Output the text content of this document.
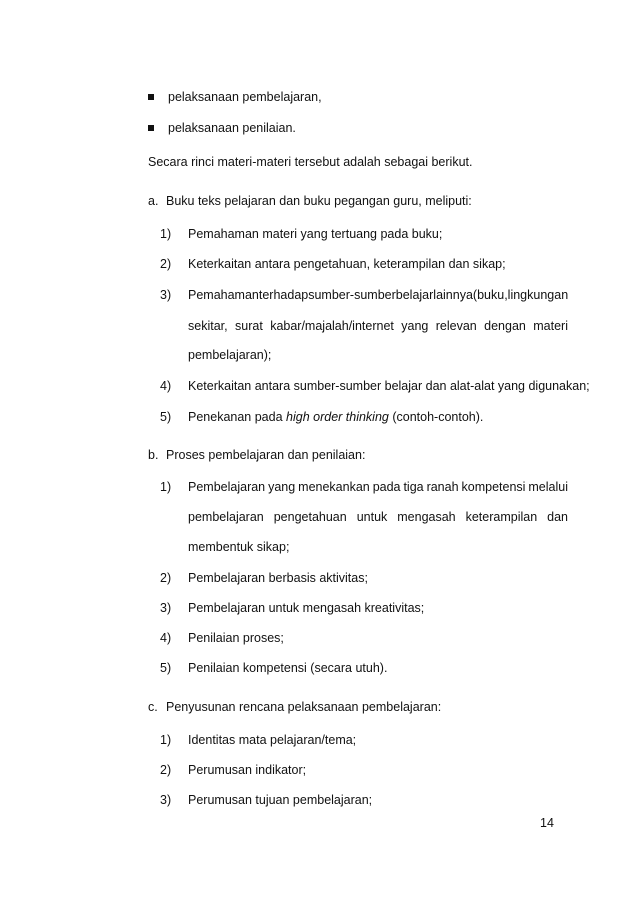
pelaksanaan pembelajaran,
pelaksanaan penilaian.
Secara rinci materi-materi tersebut adalah sebagai berikut.
a. Buku teks pelajaran dan buku pegangan guru, meliputi:
1) Pemahaman materi yang tertuang pada buku;
2) Keterkaitan antara pengetahuan, keterampilan dan sikap;
3)	Pemahaman terhadap sumber-sumber belajar lainnya (buku, lingkungan
sekitar, surat kabar/majalah/internet yang relevan dengan materi
pembelajaran);
4) Keterkaitan antara sumber-sumber belajar dan alat-alat yang digunakan;
5) Penekanan pada high order thinking (contoh-contoh).
b. Proses pembelajaran dan penilaian:
1)	Pembelajaran yang menekankan pada tiga ranah kompetensi melalui
pembelajaran pengetahuan untuk mengasah keterampilan dan
membentuk sikap;
2) Pembelajaran berbasis aktivitas;
3) Pembelajaran untuk mengasah kreativitas;
4) Penilaian proses;
5) Penilaian kompetensi (secara utuh).
c. Penyusunan rencana pelaksanaan pembelajaran:
1) Identitas mata pelajaran/tema;
2) Perumusan indikator;
3) Perumusan tujuan pembelajaran;
14
